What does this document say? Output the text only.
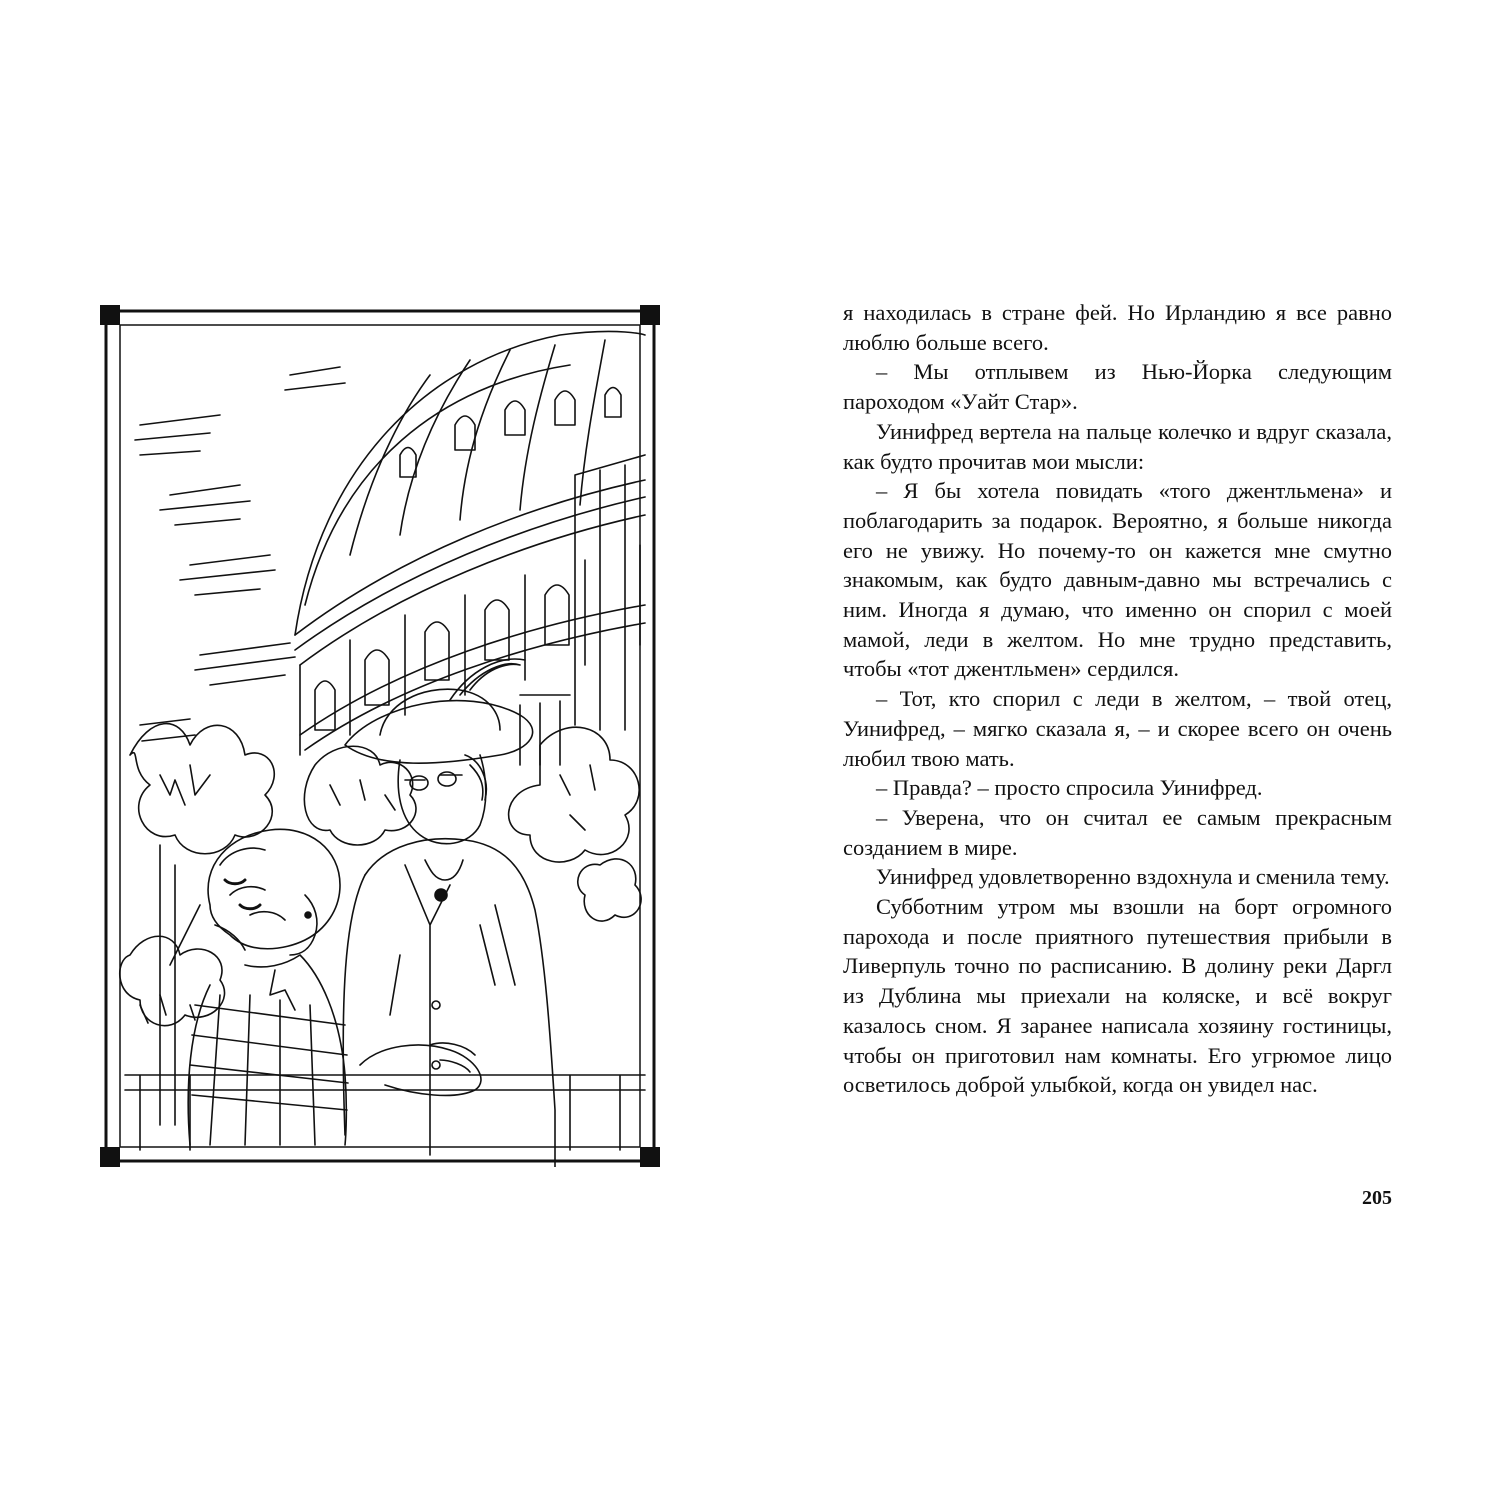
я находилась в стране фей. Но Ирландию я все равно люблю больше всего.

– Мы отплывем из Нью-Йорка следующим пароходом «Уайт Стар».

Уинифред вертела на пальце колечко и вдруг сказала, как будто прочитав мои мысли:

– Я бы хотела повидать «того джентльмена» и поблагодарить за подарок. Вероятно, я больше никогда его не увижу. Но почему-то он кажется мне смутно знакомым, как будто давным-давно мы встречались с ним. Иногда я думаю, что именно он спорил с моей мамой, леди в желтом. Но мне трудно представить, чтобы «тот джентльмен» сердился.

– Тот, кто спорил с леди в желтом, – твой отец, Уинифред, – мягко сказала я, – и скорее всего он очень любил твою мать.

– Правда? – просто спросила Уинифред.

– Уверена, что он считал ее самым прекрасным созданием в мире.

Уинифред удовлетворенно вздохнула и сменила тему.

Субботним утром мы взошли на борт огромного парохода и после приятного путешествия прибыли в Ливерпуль точно по расписанию. В долину реки Даргл из Дублина мы приехали на коляске, и всё вокруг казалось сном. Я заранее написала хозяину гостиницы, чтобы он приготовил нам комнаты. Его угрюмое лицо осветилось доброй улыбкой, когда он увидел нас.

205
